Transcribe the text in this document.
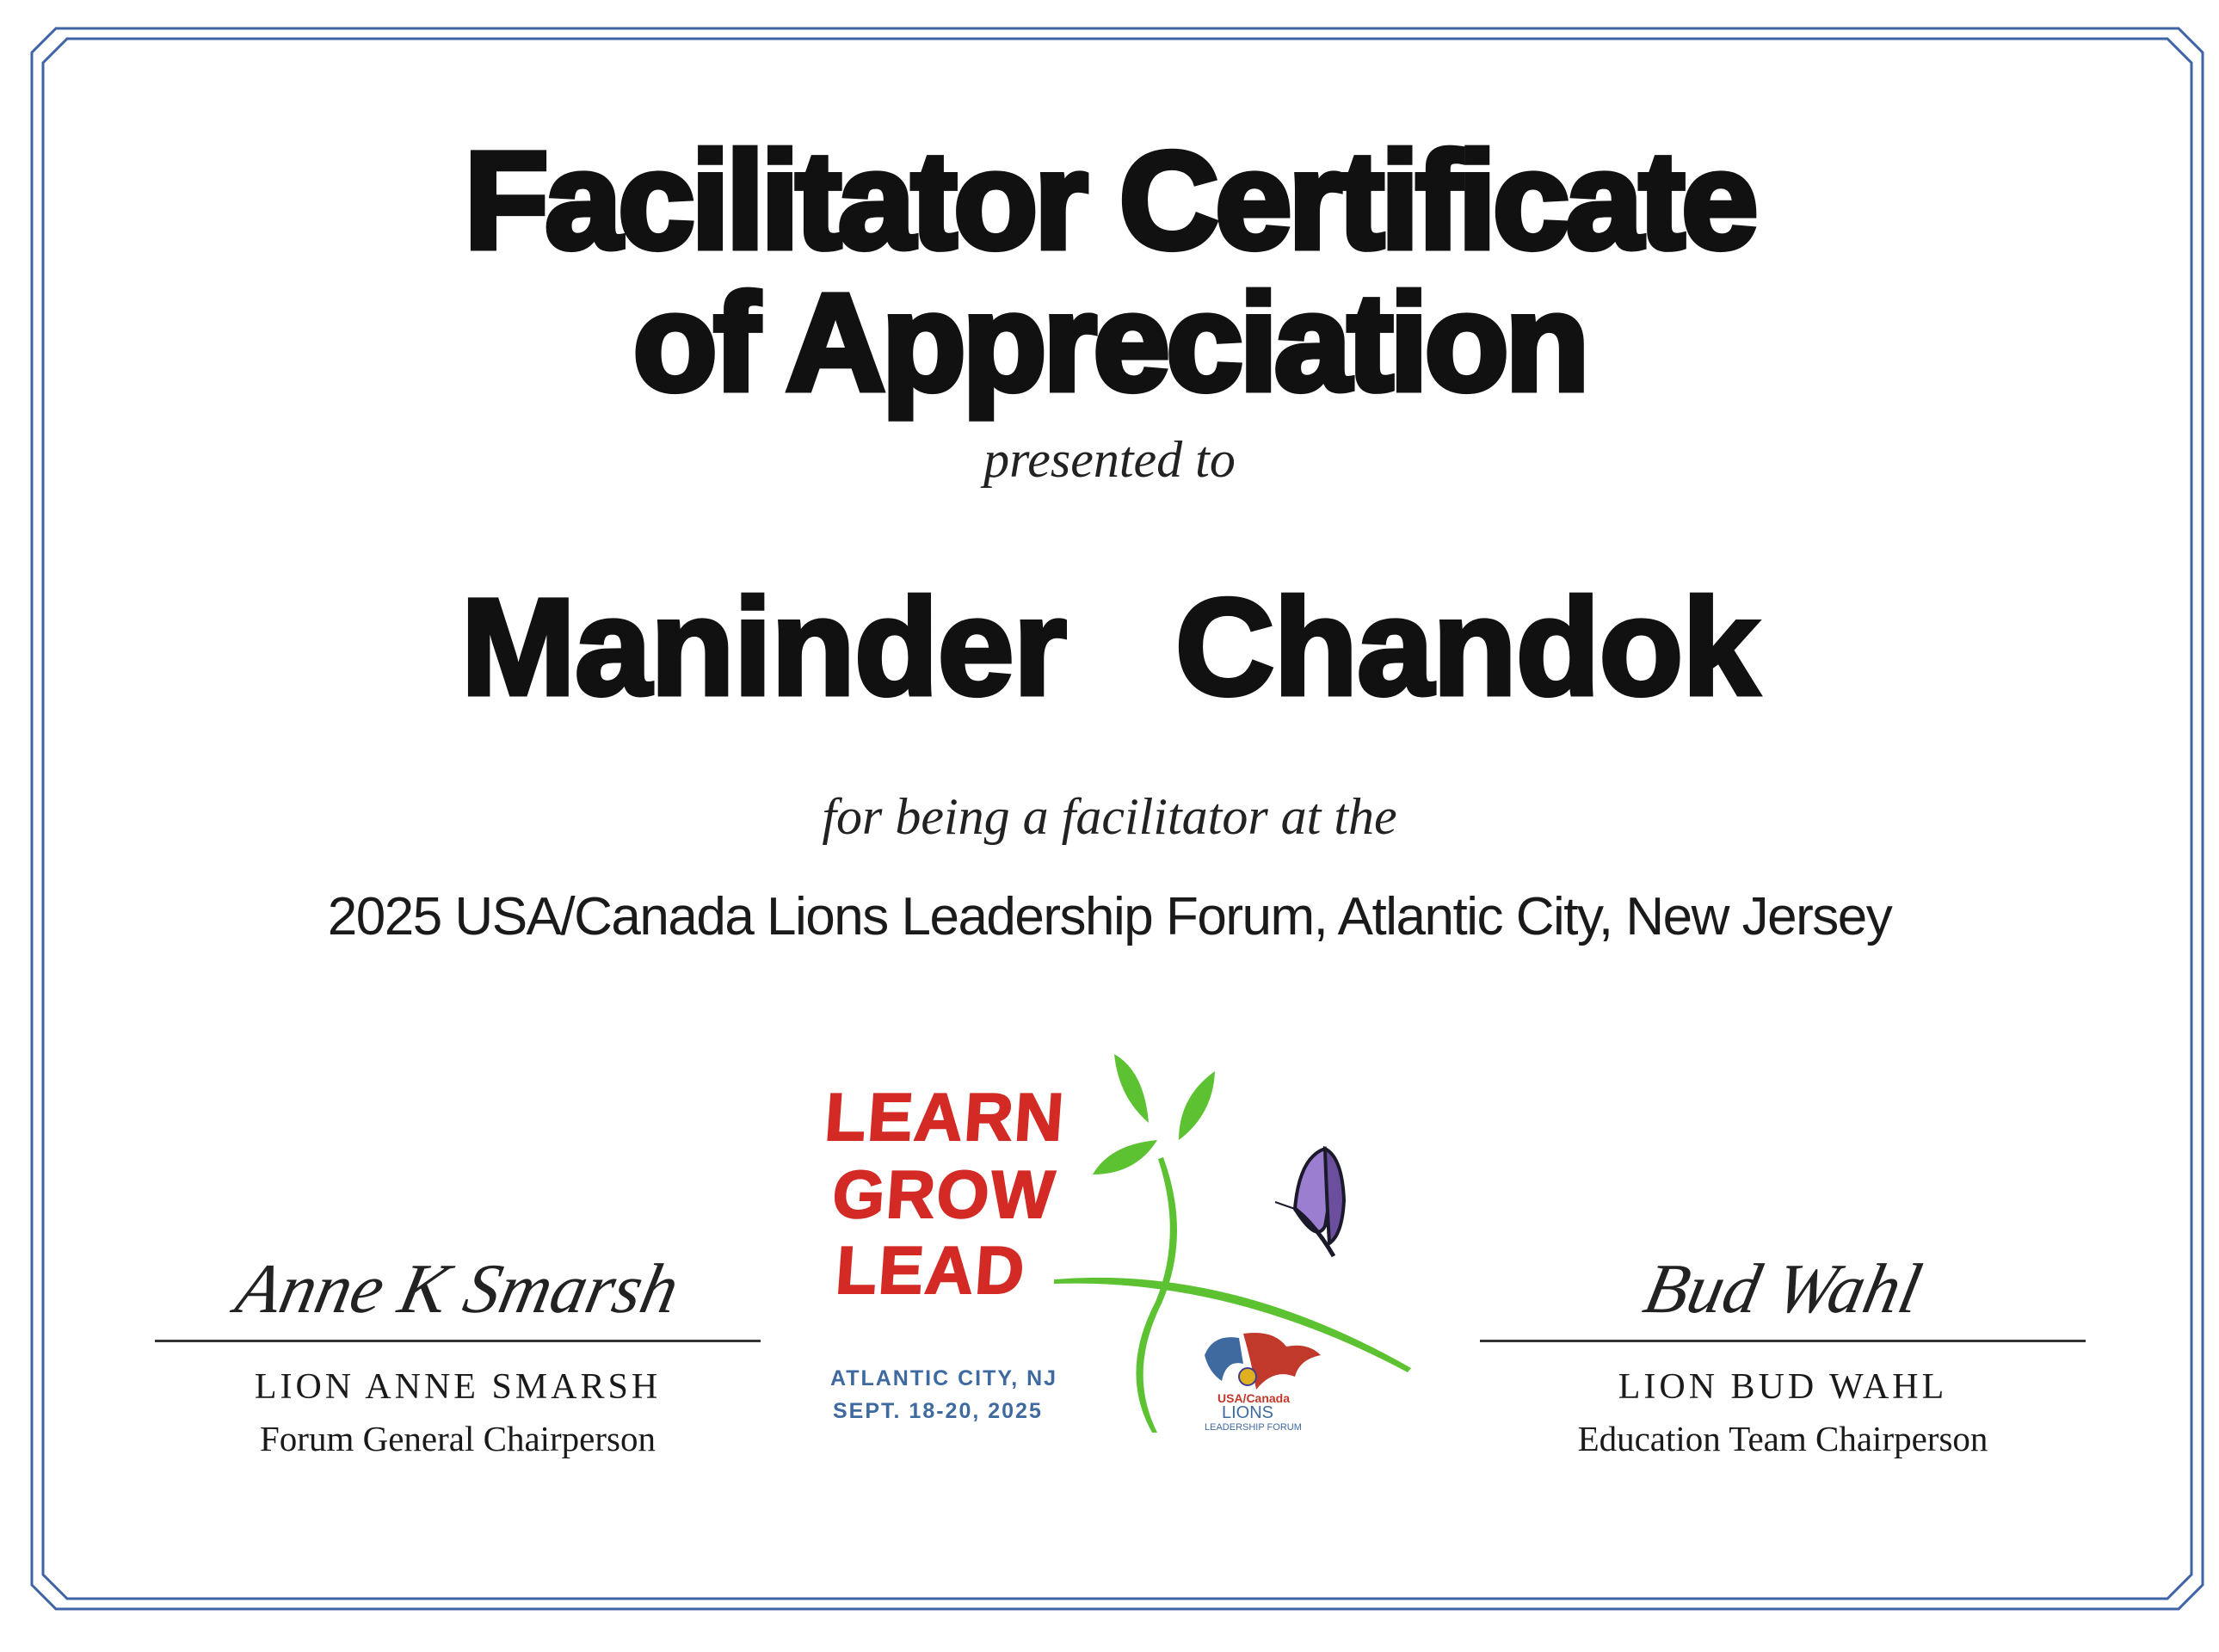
Facilitator Certificate
of Appreciation
presented to
Maninder  Chandok
for being a facilitator at the
2025 USA/Canada Lions Leadership Forum, Atlantic City, New Jersey
Anne K Smarsh
LION ANNE SMARSH
Forum General Chairperson
Bud Wahl
LION BUD WAHL
Education Team Chairperson
LEARN
GROW
LEAD
ATLANTIC CITY, NJ
SEPT. 18-20, 2025
USA/Canada
LIONS
LEADERSHIP FORUM
